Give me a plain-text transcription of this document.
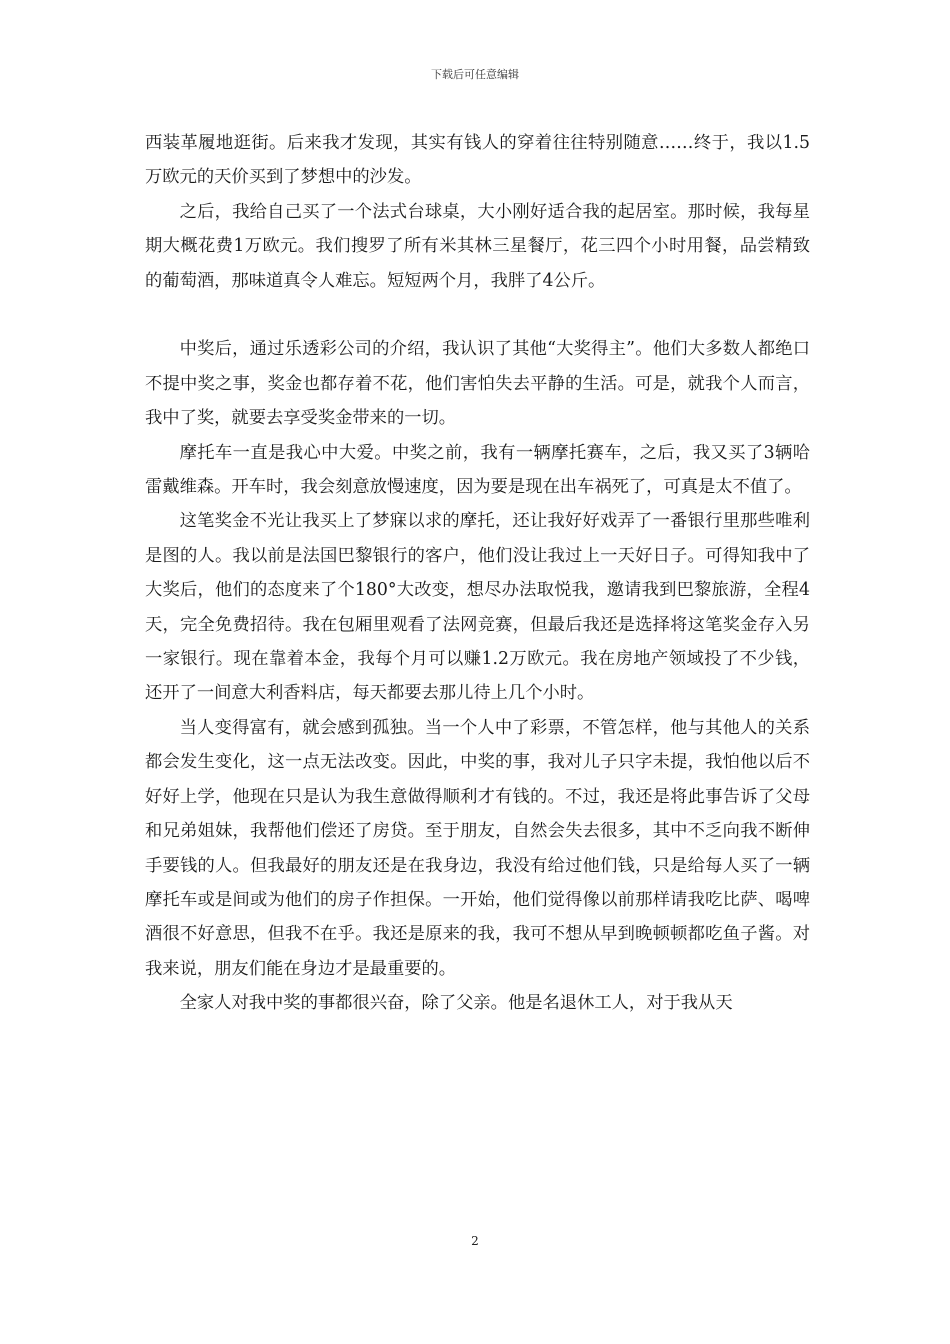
下载后可任意编辑

西装革履地逛街。后来我才发现，其实有钱人的穿着往往特别随意……终于，我以1.5万欧元的天价买到了梦想中的沙发。

之后，我给自己买了一个法式台球桌，大小刚好适合我的起居室。那时候，我每星期大概花费1万欧元。我们搜罗了所有米其林三星餐厅，花三四个小时用餐，品尝精致的葡萄酒，那味道真令人难忘。短短两个月，我胖了4公斤。

中奖后，通过乐透彩公司的介绍，我认识了其他“大奖得主”。他们大多数人都绝口不提中奖之事，奖金也都存着不花，他们害怕失去平静的生活。可是，就我个人而言，我中了奖，就要去享受奖金带来的一切。

摩托车一直是我心中大爱。中奖之前，我有一辆摩托赛车，之后，我又买了3辆哈雷戴维森。开车时，我会刻意放慢速度，因为要是现在出车祸死了，可真是太不值了。

这笔奖金不光让我买上了梦寐以求的摩托，还让我好好戏弄了一番银行里那些唯利是图的人。我以前是法国巴黎银行的客户，他们没让我过上一天好日子。可得知我中了大奖后，他们的态度来了个180°大改变，想尽办法取悦我，邀请我到巴黎旅游，全程4天，完全免费招待。我在包厢里观看了法网竞赛，但最后我还是选择将这笔奖金存入另一家银行。现在靠着本金，我每个月可以赚1.2万欧元。我在房地产领域投了不少钱，还开了一间意大利香料店，每天都要去那儿待上几个小时。

当人变得富有，就会感到孤独。当一个人中了彩票，不管怎样，他与其他人的关系都会发生变化，这一点无法改变。因此，中奖的事，我对儿子只字未提，我怕他以后不好好上学，他现在只是认为我生意做得顺利才有钱的。不过，我还是将此事告诉了父母和兄弟姐妹，我帮他们偿还了房贷。至于朋友，自然会失去很多，其中不乏向我不断伸手要钱的人。但我最好的朋友还是在我身边，我没有给过他们钱，只是给每人买了一辆摩托车或是间或为他们的房子作担保。一开始，他们觉得像以前那样请我吃比萨、喝啤酒很不好意思，但我不在乎。我还是原来的我，我可不想从早到晚顿顿都吃鱼子酱。对我来说，朋友们能在身边才是最重要的。

全家人对我中奖的事都很兴奋，除了父亲。他是名退休工人，对于我从天

2
